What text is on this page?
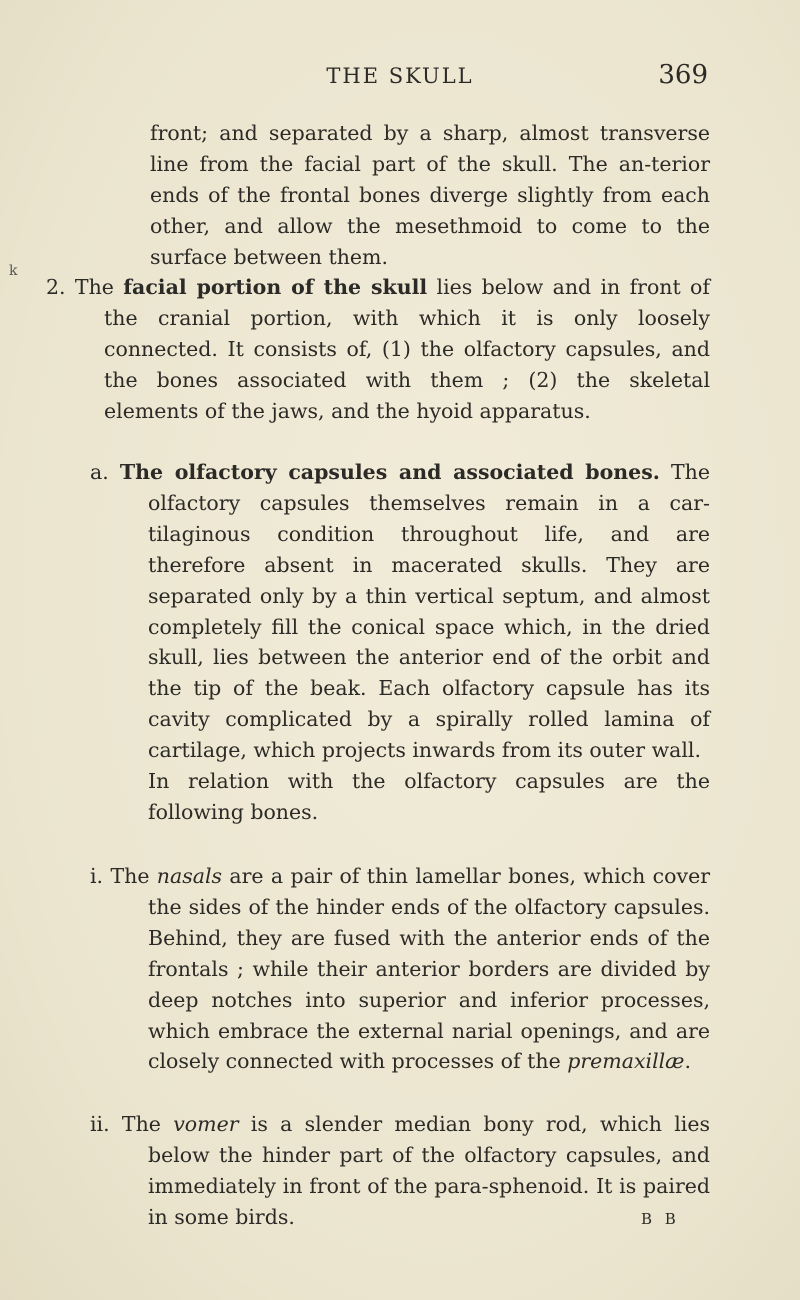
THE SKULL	369
k

front; and separated by a sharp, almost transverse line from the facial part of the skull. The an-terior ends of the frontal bones diverge slightly from each other, and allow the mesethmoid to come to the surface between them.

2. The facial portion of the skull lies below and in front of the cranial portion, with which it is only loosely connected. It consists of, (1) the olfactory capsules, and the bones associated with them ; (2) the skeletal elements of the jaws, and the hyoid apparatus.

a. The olfactory capsules and associated bones. The olfactory capsules themselves remain in a car-tilaginous condition throughout life, and are therefore absent in macerated skulls. They are separated only by a thin vertical septum, and almost completely fill the conical space which, in the dried skull, lies between the anterior end of the orbit and the tip of the beak. Each olfactory capsule has its cavity complicated by a spirally rolled lamina of cartilage, which projects inwards from its outer wall.

In relation with the olfactory capsules are the following bones.

i. The nasals are a pair of thin lamellar bones, which cover the sides of the hinder ends of the olfactory capsules. Behind, they are fused with the anterior ends of the frontals ; while their anterior borders are divided by deep notches into superior and inferior processes, which embrace the external narial openings, and are closely connected with processes of the premaxillæ.

ii. The vomer is a slender median bony rod, which lies below the hinder part of the olfactory capsules, and immediately in front of the para-sphenoid. It is paired in some birds.	B B
